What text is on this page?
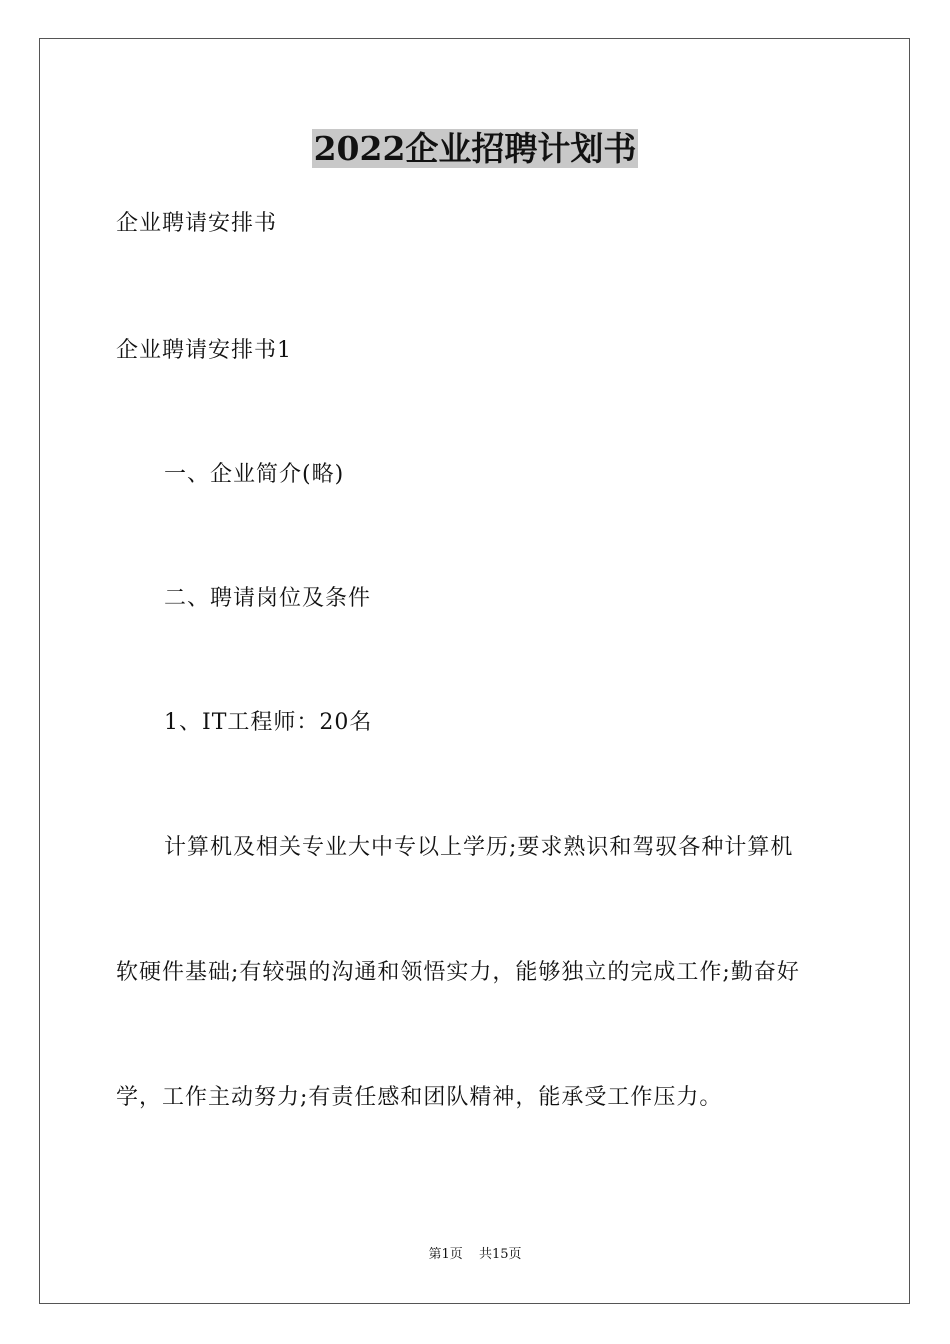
2022企业招聘计划书
企业聘请安排书
企业聘请安排书1
一、企业简介(略)
二、聘请岗位及条件
1、IT工程师：20名
计算机及相关专业大中专以上学历;要求熟识和驾驭各种计算机
软硬件基础;有较强的沟通和领悟实力，能够独立的完成工作;勤奋好
学，工作主动努力;有责任感和团队精神，能承受工作压力。
第1页 共15页
